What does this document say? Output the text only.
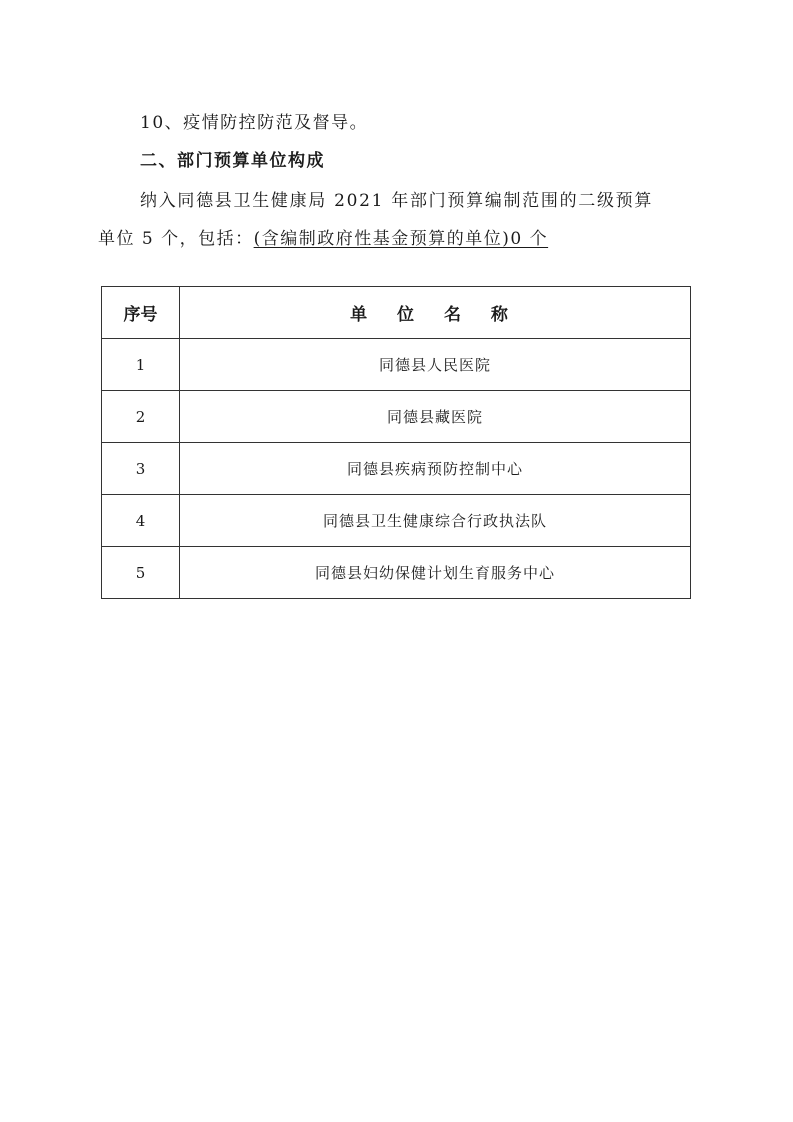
10、疫情防控防范及督导。
二、部门预算单位构成
纳入同德县卫生健康局 2021 年部门预算编制范围的二级预算
单位 5 个，包括：(含编制政府性基金预算的单位)0 个
序号	单 位 名 称
1	同德县人民医院
2	同德县藏医院
3	同德县疾病预防控制中心
4	同德县卫生健康综合行政执法队
5	同德县妇幼保健计划生育服务中心
